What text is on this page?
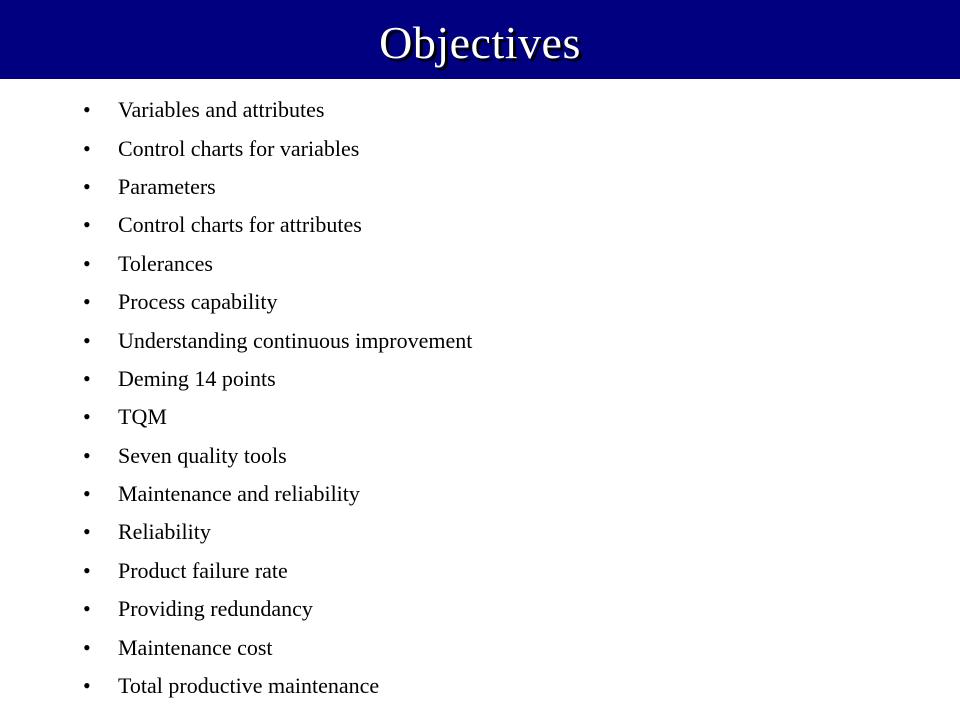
Objectives
•	Variables and attributes
•	Control charts for variables
•	Parameters
•	Control charts for attributes
•	Tolerances
•	Process capability
•	Understanding continuous improvement
•	Deming 14 points
•	TQM
•	Seven quality tools
•	Maintenance and reliability
•	Reliability
•	Product failure rate
•	Providing redundancy
•	Maintenance cost
•	Total productive maintenance
